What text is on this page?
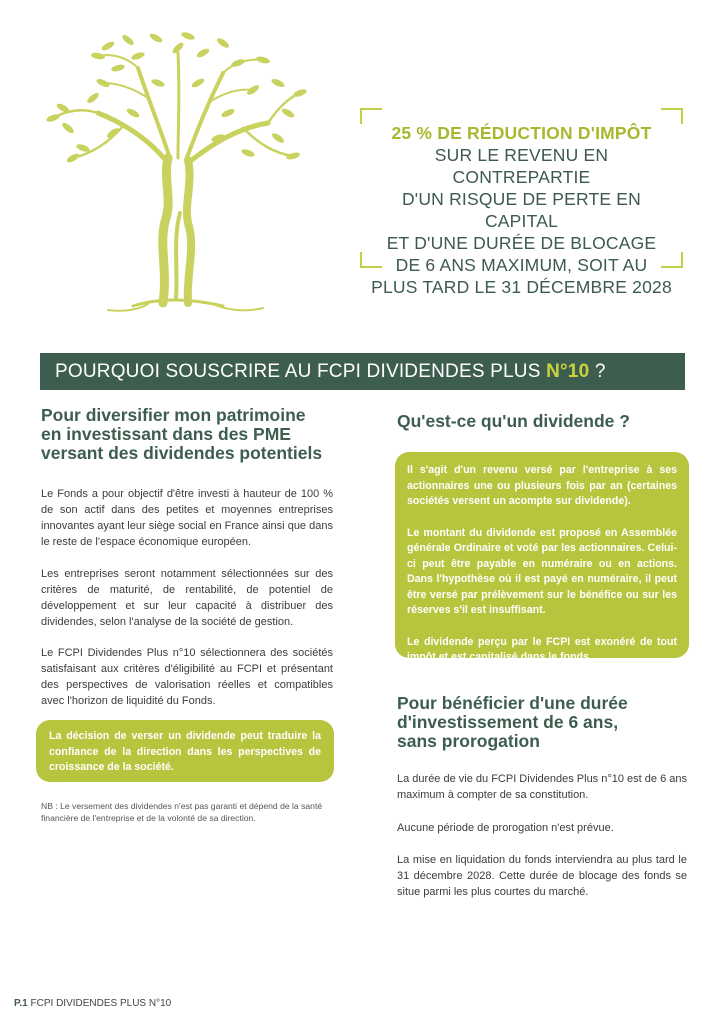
25 % DE RÉDUCTION D'IMPÔT
SUR LE REVENU EN CONTREPARTIE
D'UN RISQUE DE PERTE EN CAPITAL
ET D'UNE DURÉE DE BLOCAGE
DE 6 ANS MAXIMUM, SOIT AU
PLUS TARD LE 31 DÉCEMBRE 2028
POURQUOI SOUSCRIRE AU FCPI DIVIDENDES PLUS N°10 ?
Pour diversifier mon patrimoine
en investissant dans des PME
versant des dividendes potentiels
Le Fonds a pour objectif d'être investi à hauteur de 100 % de son actif dans des petites et moyennes entreprises innovantes ayant leur siège social en France ainsi que dans le reste de l'espace économique européen.
Les entreprises seront notamment sélectionnées sur des critères de maturité, de rentabilité, de potentiel de développement et sur leur capacité à distribuer des dividendes, selon l'analyse de la société de gestion.
Le FCPI Dividendes Plus n°10 sélectionnera des sociétés satisfaisant aux critères d'éligibilité au FCPI et présentant des perspectives de valorisation réelles et compatibles avec l'horizon de liquidité du Fonds.

La décision de verser un dividende peut traduire la confiance de la direction dans les perspectives de croissance de la société.

NB : Le versement des dividendes n'est pas garanti et dépend de la santé financière de l'entreprise et de la volonté de sa direction.
Qu'est-ce qu'un dividende ?

Il s'agit d'un revenu versé par l'entreprise à ses actionnaires une ou plusieurs fois par an (certaines sociétés versent un acompte sur dividende).

Le montant du dividende est proposé en Assemblée générale Ordinaire et voté par les actionnaires. Celui-ci peut être payable en numéraire ou en actions. Dans l'hypothèse où il est payé en numéraire, il peut être versé par prélèvement sur le bénéfice ou sur les réserves s'il est insuffisant.

Le dividende perçu par le FCPI est exonéré de tout impôt et est capitalisé dans le fonds.

Pour bénéficier d'une durée
d'investissement de 6 ans,
sans prorogation
La durée de vie du FCPI Dividendes Plus n°10 est de 6 ans maximum à compter de sa constitution.
Aucune période de prorogation n'est prévue.
La mise en liquidation du fonds interviendra au plus tard le 31 décembre 2028. Cette durée de blocage des fonds se situe parmi les plus courtes du marché.
P.1 FCPI DIVIDENDES PLUS N°10
